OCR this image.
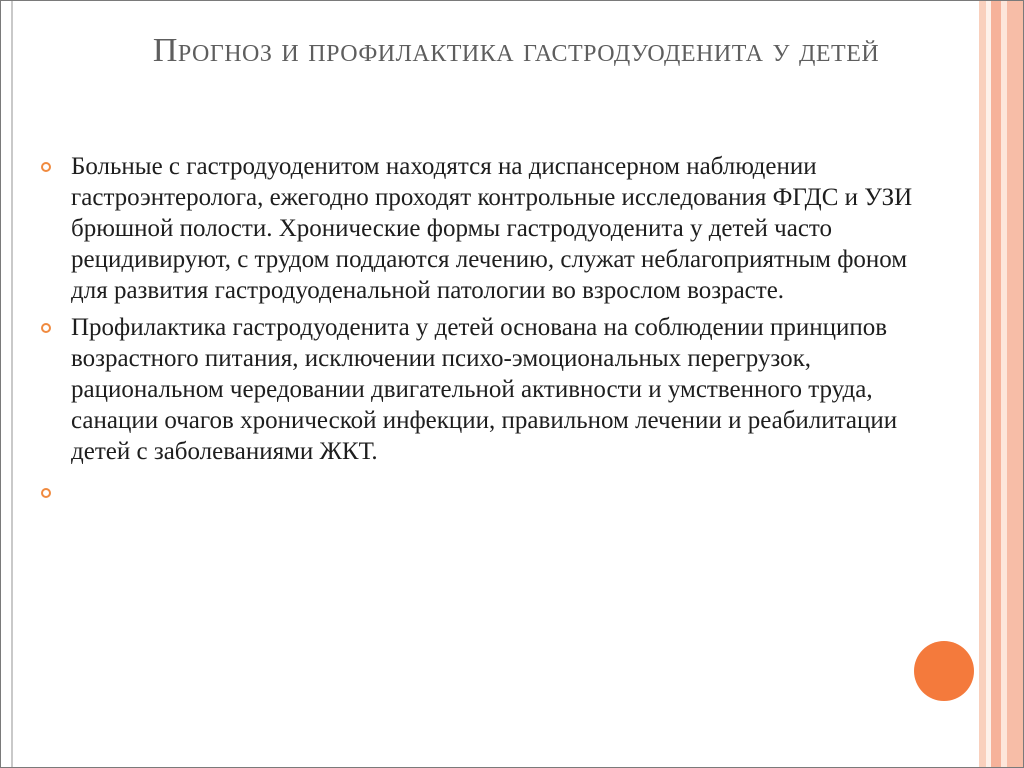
Прогноз и профилактика гастродуоденита у детей
Больные с гастродуоденитом находятся на диспансерном наблюдении гастроэнтеролога, ежегодно проходят контрольные исследования ФГДС и УЗИ брюшной полости. Хронические формы гастродуоденита у детей часто рецидивируют, с трудом поддаются лечению, служат неблагоприятным фоном для развития гастродуоденальной патологии во взрослом возрасте.
Профилактика гастродуоденита у детей основана на соблюдении принципов возрастного питания, исключении психо-эмоциональных перегрузок, рациональном чередовании двигательной активности и умственного труда, санации очагов хронической инфекции, правильном лечении и реабилитации детей с заболеваниями ЖКТ.
